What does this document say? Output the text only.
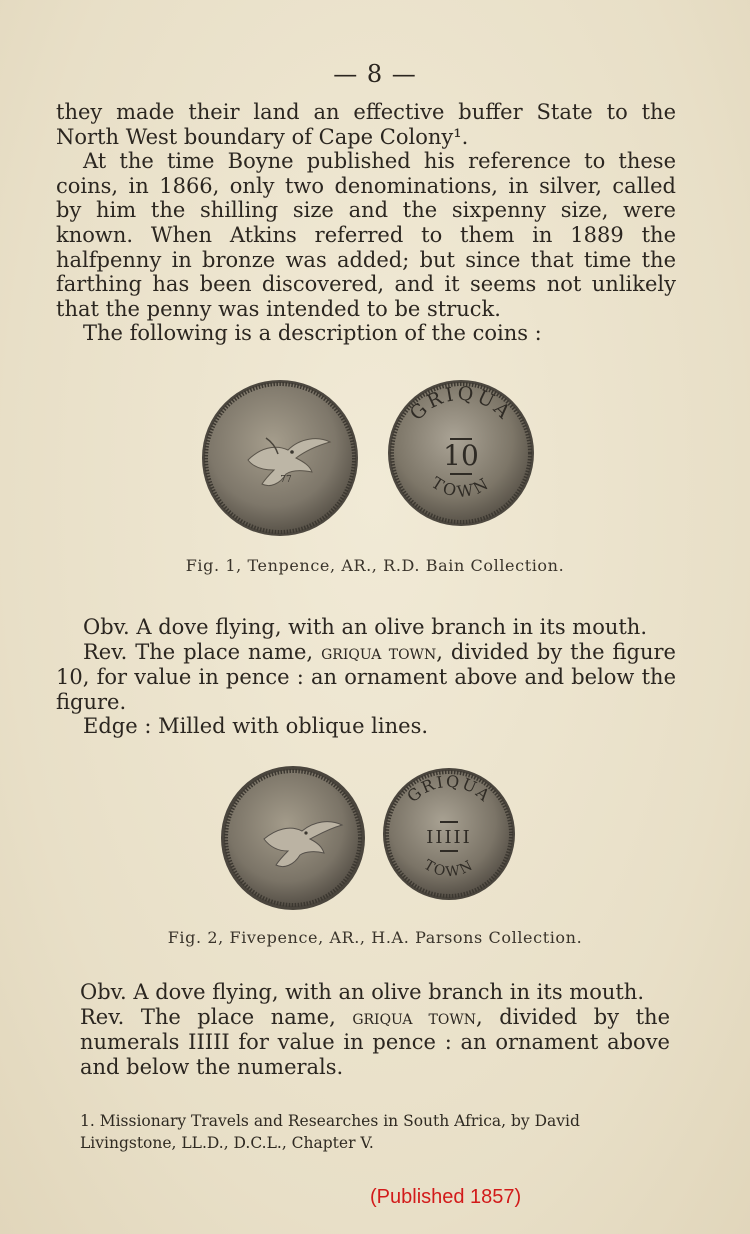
— 8 —

they made their land an effective buffer State to the North West boundary of Cape Colony¹.

At the time Boyne published his reference to these coins, in 1866, only two denominations, in silver, called by him the shilling size and the sixpenny size, were known. When Atkins referred to them in 1889 the halfpenny in bronze was added; but since that time the farthing has been discovered, and it seems not unlikely that the penny was intended to be struck.

The following is a description of the coins :

77
GRIQUA
10
TOWN
Fig. 1, Tenpence, AR., R.D. Bain Collection.

Obv. A dove flying, with an olive branch in its mouth.

Rev. The place name, griqua town, divided by the figure 10, for value in pence : an ornament above and below the figure.

Edge : Milled with oblique lines.

GRIQUA
IIIII
TOWN
Fig. 2, Fivepence, AR., H.A. Parsons Collection.

Obv. A dove flying, with an olive branch in its mouth.

Rev. The place name, griqua town, divided by the numerals IIIII for value in pence : an ornament above and below the numerals.

1. Missionary Travels and Researches in South Africa, by David Livingstone, LL.D., D.C.L., Chapter V.

(Published 1857)
